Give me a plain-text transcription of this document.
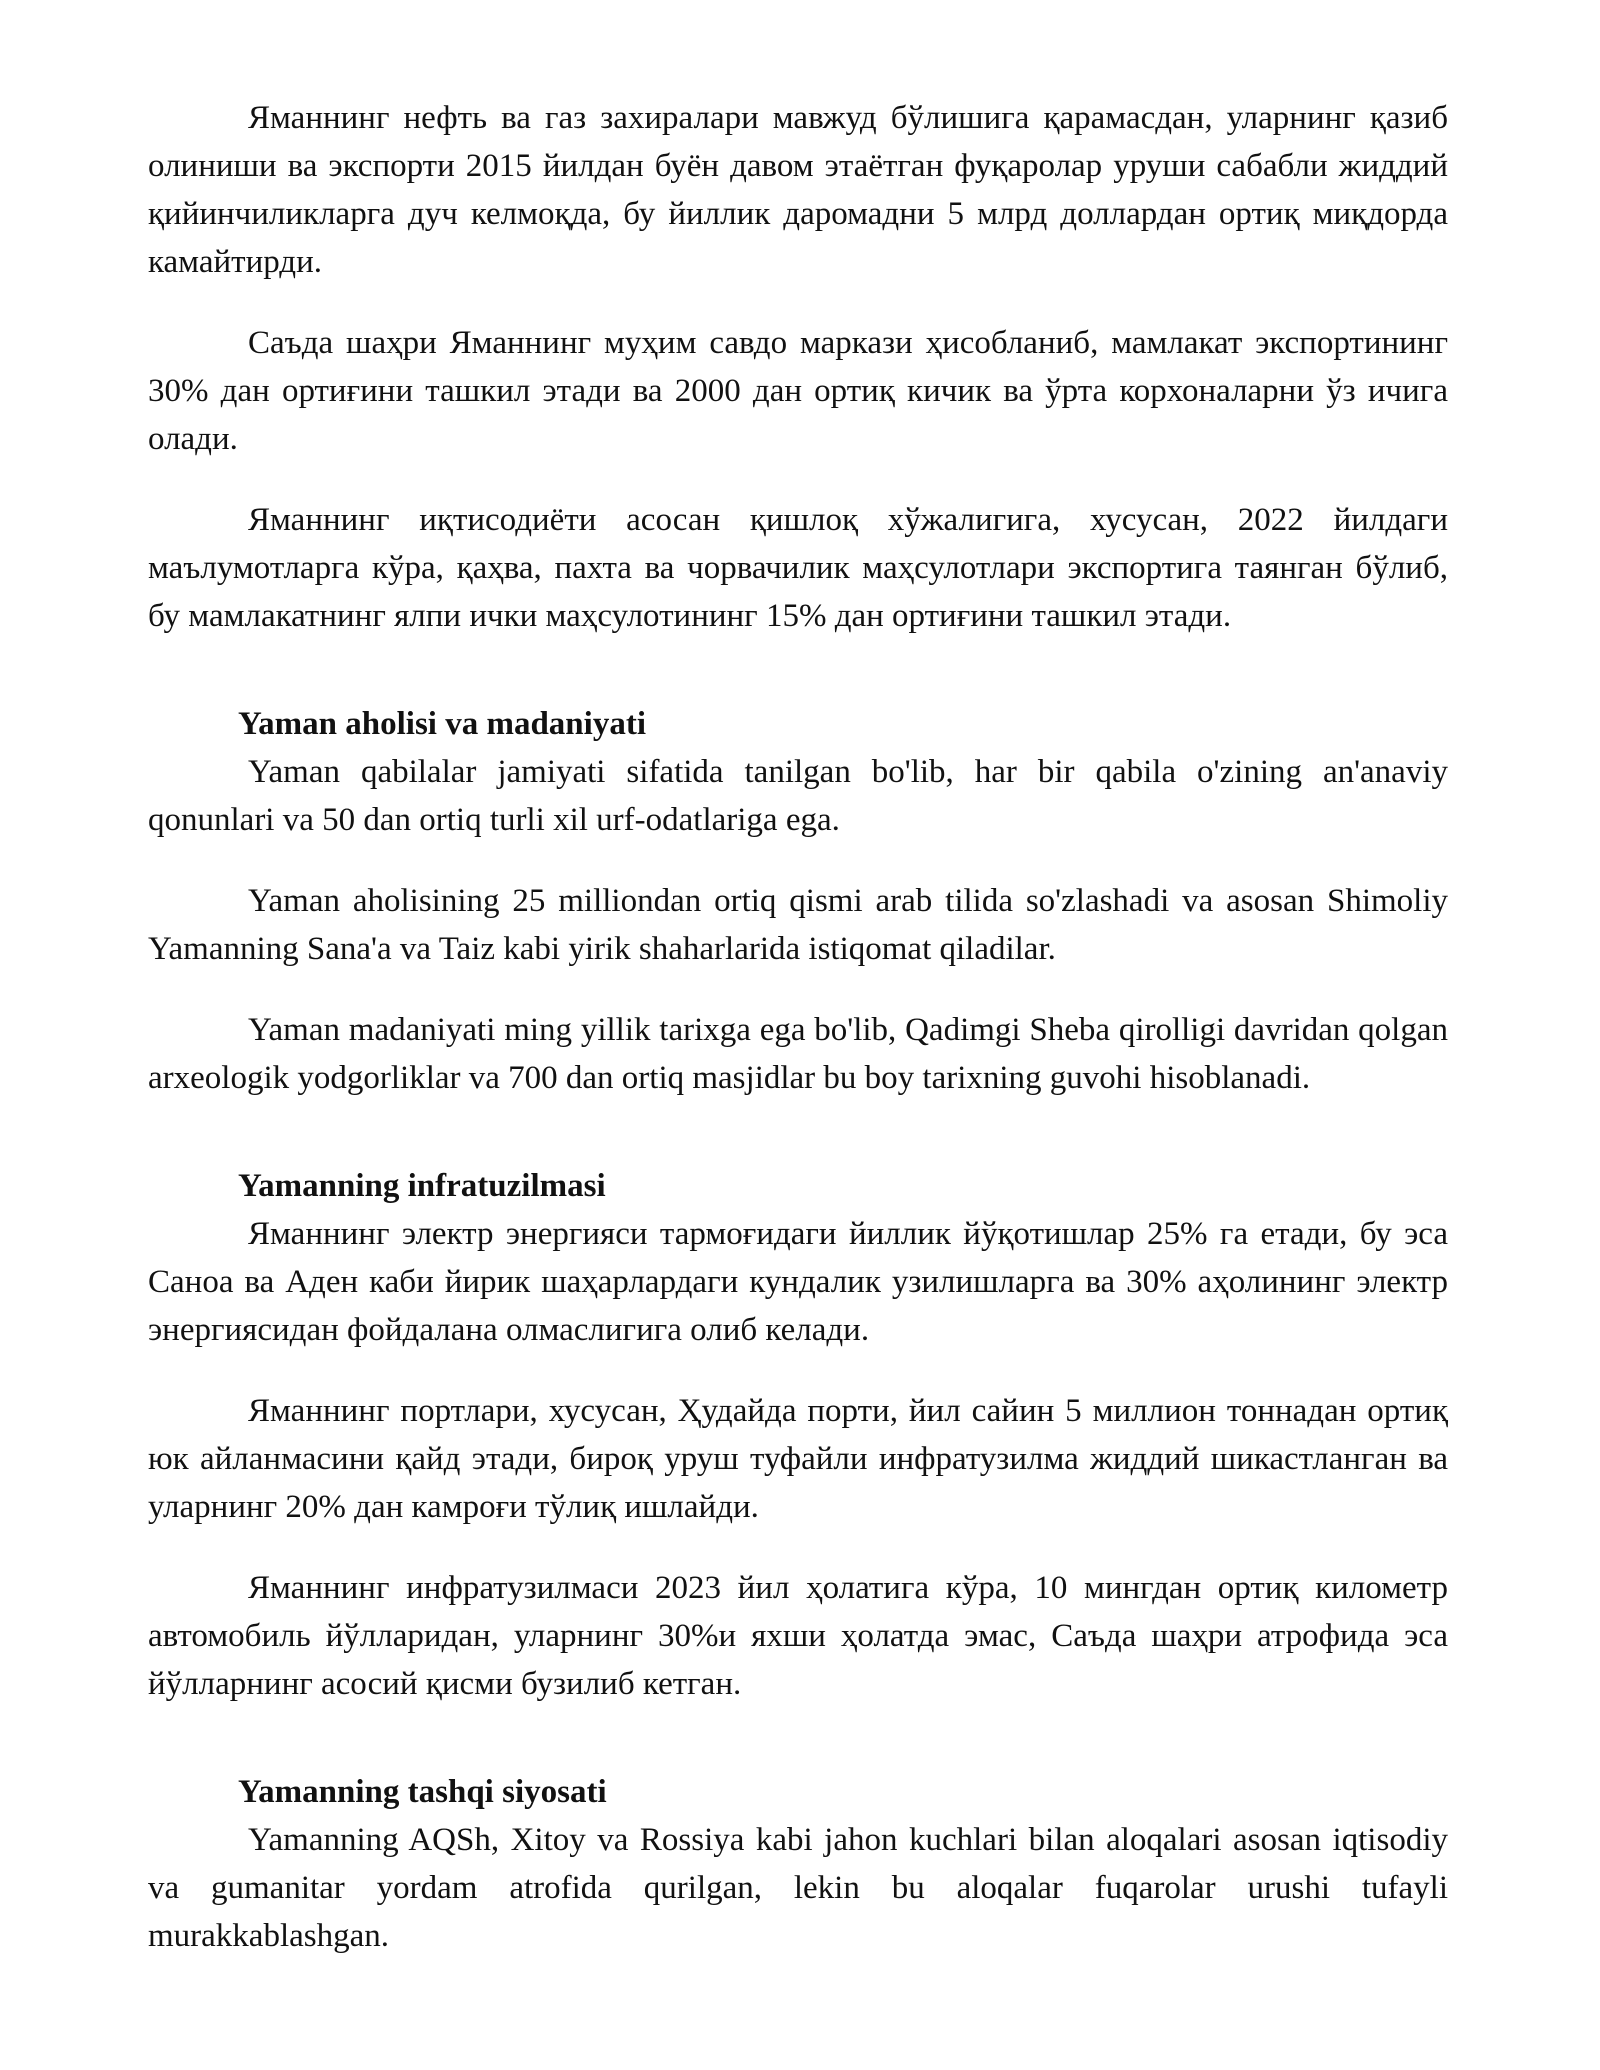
Яманнинг нефть ва газ захиралари мавжуд бўлишига қарамасдан, уларнинг қазиб олиниши ва экспорти 2015 йилдан буён давом этаётган фуқаролар уруши сабабли жиддий қийинчиликларга дуч келмоқда, бу йиллик даромадни 5 млрд доллардан ортиқ миқдорда камайтирди.

Саъда шаҳри Яманнинг муҳим савдо маркази ҳисобланиб, мамлакат экспортининг 30% дан ортиғини ташкил этади ва 2000 дан ортиқ кичик ва ўрта корхоналарни ўз ичига олади.

Яманнинг иқтисодиёти асосан қишлоқ хўжалигига, хусусан, 2022 йилдаги маълумотларга кўра, қаҳва, пахта ва чорвачилик маҳсулотлари экспортига таянган бўлиб, бу мамлакатнинг ялпи ички маҳсулотининг 15% дан ортиғини ташкил этади.

Yaman aholisi va madaniyati

Yaman qabilalar jamiyati sifatida tanilgan bo'lib, har bir qabila o'zining an'anaviy qonunlari va 50 dan ortiq turli xil urf-odatlariga ega.

Yaman aholisining 25 milliondan ortiq qismi arab tilida so'zlashadi va asosan Shimoliy Yamanning Sana'a va Taiz kabi yirik shaharlarida istiqomat qiladilar.

Yaman madaniyati ming yillik tarixga ega bo'lib, Qadimgi Sheba qirolligi davridan qolgan arxeologik yodgorliklar va 700 dan ortiq masjidlar bu boy tarixning guvohi hisoblanadi.

Yamanning infratuzilmasi

Яманнинг электр энергияси тармоғидаги йиллик йўқотишлар 25% га етади, бу эса Саноа ва Аден каби йирик шаҳарлардаги кундалик узилишларга ва 30% аҳолининг электр энергиясидан фойдалана олмаслигига олиб келади.

Яманнинг портлари, хусусан, Ҳудайда порти, йил сайин 5 миллион тоннадан ортиқ юк айланмасини қайд этади, бироқ уруш туфайли инфратузилма жиддий шикастланган ва уларнинг 20% дан камроғи тўлиқ ишлайди.

Яманнинг инфратузилмаси 2023 йил ҳолатига кўра, 10 мингдан ортиқ километр автомобиль йўлларидан, уларнинг 30%и яхши ҳолатда эмас, Саъда шаҳри атрофида эса йўлларнинг асосий қисми бузилиб кетган.

Yamanning tashqi siyosati

Yamanning AQSh, Xitoy va Rossiya kabi jahon kuchlari bilan aloqalari asosan iqtisodiy va gumanitar yordam atrofida qurilgan, lekin bu aloqalar fuqarolar urushi tufayli murakkablashgan.
